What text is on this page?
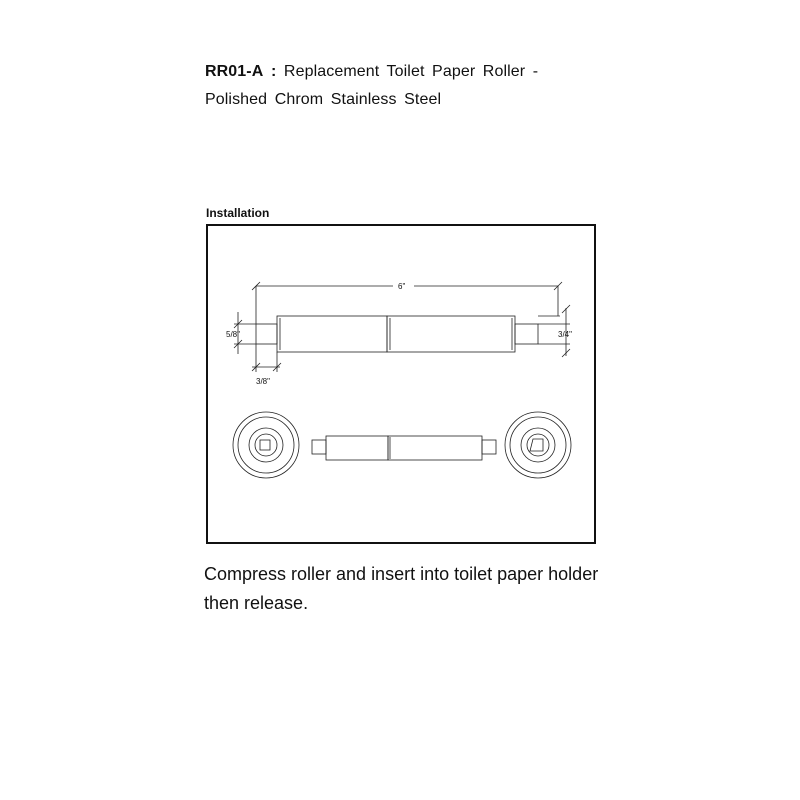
RR01-A : Replacement Toilet Paper Roller -
Polished Chrom Stainless Steel
Installation
6"
5/8"
3/8"
3/4"
Compress roller and insert into toilet paper holder
then release.
